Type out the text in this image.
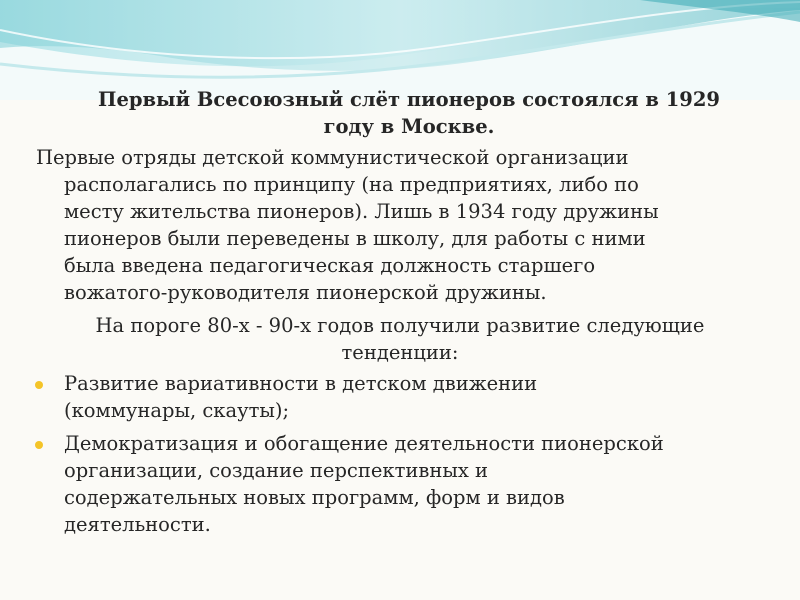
Первый Всесоюзный слёт пионеров состоялся в 1929
году в Москве.
Первые отряды детской коммунистической организации
располагались по принципу (на предприятиях, либо по
месту жительства пионеров). Лишь в 1934 году дружины
пионеров были переведены в школу, для работы с ними
была введена педагогическая должность старшего
вожатого-руководителя пионерской дружины.
На пороге 80-х - 90-х годов получили развитие следующие
тенденции:
Развитие вариативности в детском движении
(коммунары, скауты);
Демократизация и обогащение деятельности пионерской
организации, создание перспективных и
содержательных новых программ, форм и видов
деятельности.
